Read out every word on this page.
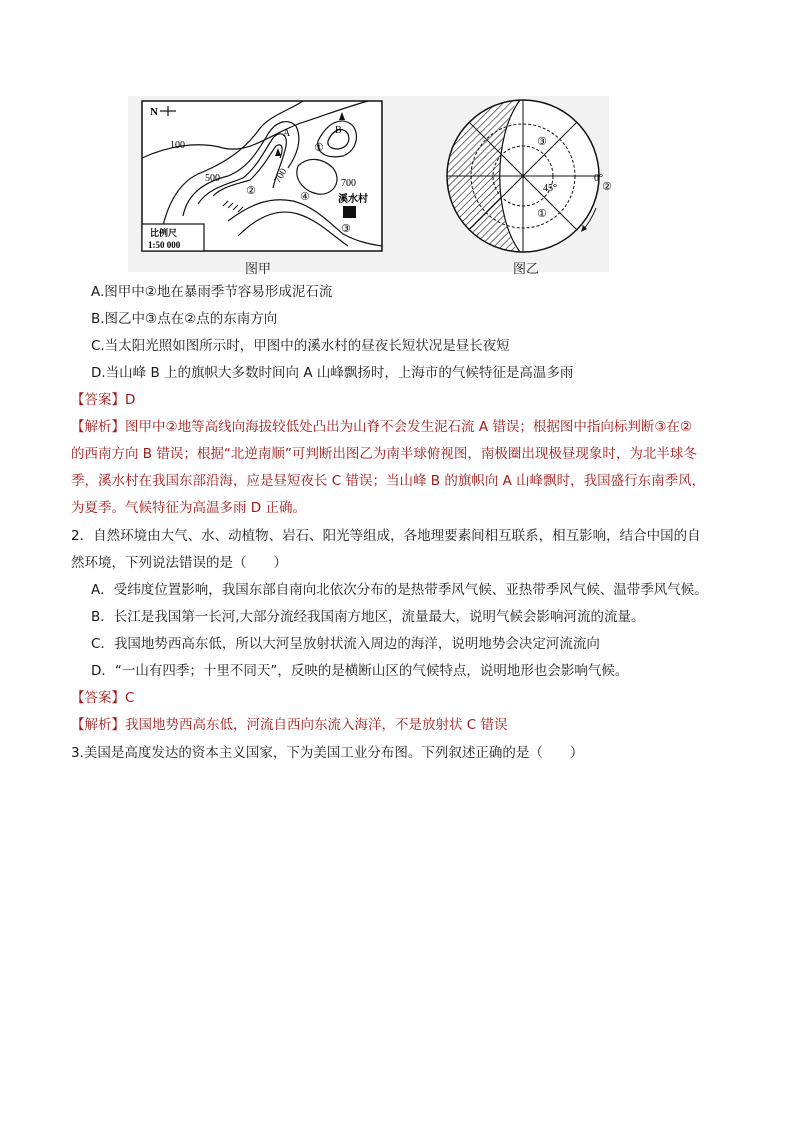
N
100
500	700	700
A	B
①
②
③
④	溪水村
比例尺
1:50 000
③
①
②
45°
0°
图甲	图乙
A.图甲中②地在暴雨季节容易形成泥石流
B.图乙中③点在②点的东南方向
C.当太阳光照如图所示时，甲图中的溪水村的昼夜长短状况是昼长夜短
D.当山峰 B 上的旗帜大多数时间向 A 山峰飘扬时，上海市的气候特征是高温多雨
【答案】D
【解析】图甲中②地等高线向海拔较低处凸出为山脊不会发生泥石流 A 错误；根据图中指向标判断③在②
的西南方向 B 错误；根据“北逆南顺”可判断出图乙为南半球俯视图，南极圈出现极昼现象时，为北半球冬
季，溪水村在我国东部沿海，应是昼短夜长 C 错误；当山峰 B 的旗帜向 A 山峰飘时，我国盛行东南季风，
为夏季。气候特征为高温多雨 D 正确。
2．自然环境由大气、水、动植物、岩石、阳光等组成，各地理要素间相互联系，相互影响，结合中国的自
然环境，下列说法错误的是（　　）
A．受纬度位置影响，我国东部自南向北依次分布的是热带季风气候、亚热带季风气候、温带季风气候。
B．长江是我国第一长河,大部分流经我国南方地区，流量最大，说明气候会影响河流的流量。
C．我国地势西高东低，所以大河呈放射状流入周边的海洋，说明地势会决定河流流向
D．“一山有四季；十里不同天”，反映的是横断山区的气候特点，说明地形也会影响气候。
【答案】C
【解析】我国地势西高东低，河流自西向东流入海洋，不是放射状 C 错误
3.美国是高度发达的资本主义国家，下为美国工业分布图。下列叙述正确的是（　　）
